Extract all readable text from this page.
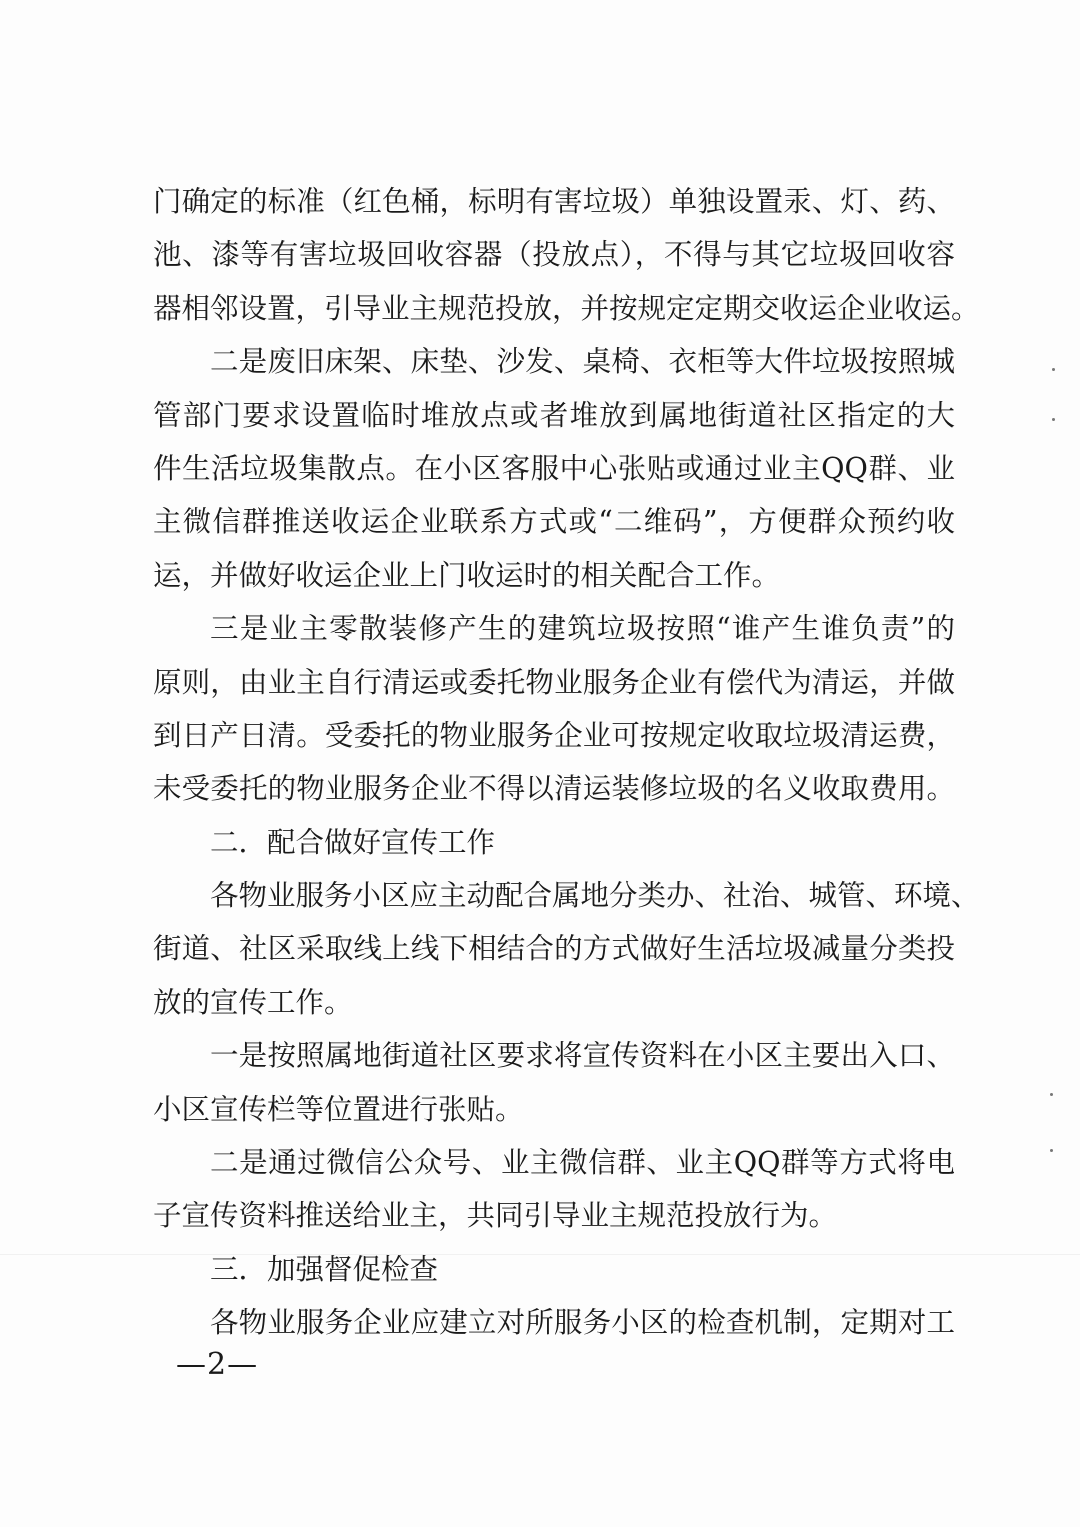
门确定的标准（红色桶，标明有害垃圾）单独设置汞、灯、药、
池、漆等有害垃圾回收容器（投放点），不得与其它垃圾回收容
器相邻设置，引导业主规范投放，并按规定定期交收运企业收运。
二是废旧床架、床垫、沙发、桌椅、衣柜等大件垃圾按照城
管部门要求设置临时堆放点或者堆放到属地街道社区指定的大
件生活垃圾集散点。在小区客服中心张贴或通过业主QQ群、业
主微信群推送收运企业联系方式或“二维码”，方便群众预约收
运，并做好收运企业上门收运时的相关配合工作。
三是业主零散装修产生的建筑垃圾按照“谁产生谁负责”的
原则，由业主自行清运或委托物业服务企业有偿代为清运，并做
到日产日清。受委托的物业服务企业可按规定收取垃圾清运费，
未受委托的物业服务企业不得以清运装修垃圾的名义收取费用。
二．配合做好宣传工作
各物业服务小区应主动配合属地分类办、社治、城管、环境、
街道、社区采取线上线下相结合的方式做好生活垃圾减量分类投
放的宣传工作。
一是按照属地街道社区要求将宣传资料在小区主要出入口、
小区宣传栏等位置进行张贴。
二是通过微信公众号、业主微信群、业主QQ群等方式将电
子宣传资料推送给业主，共同引导业主规范投放行为。
三．加强督促检查
各物业服务企业应建立对所服务小区的检查机制，定期对工
—2—
